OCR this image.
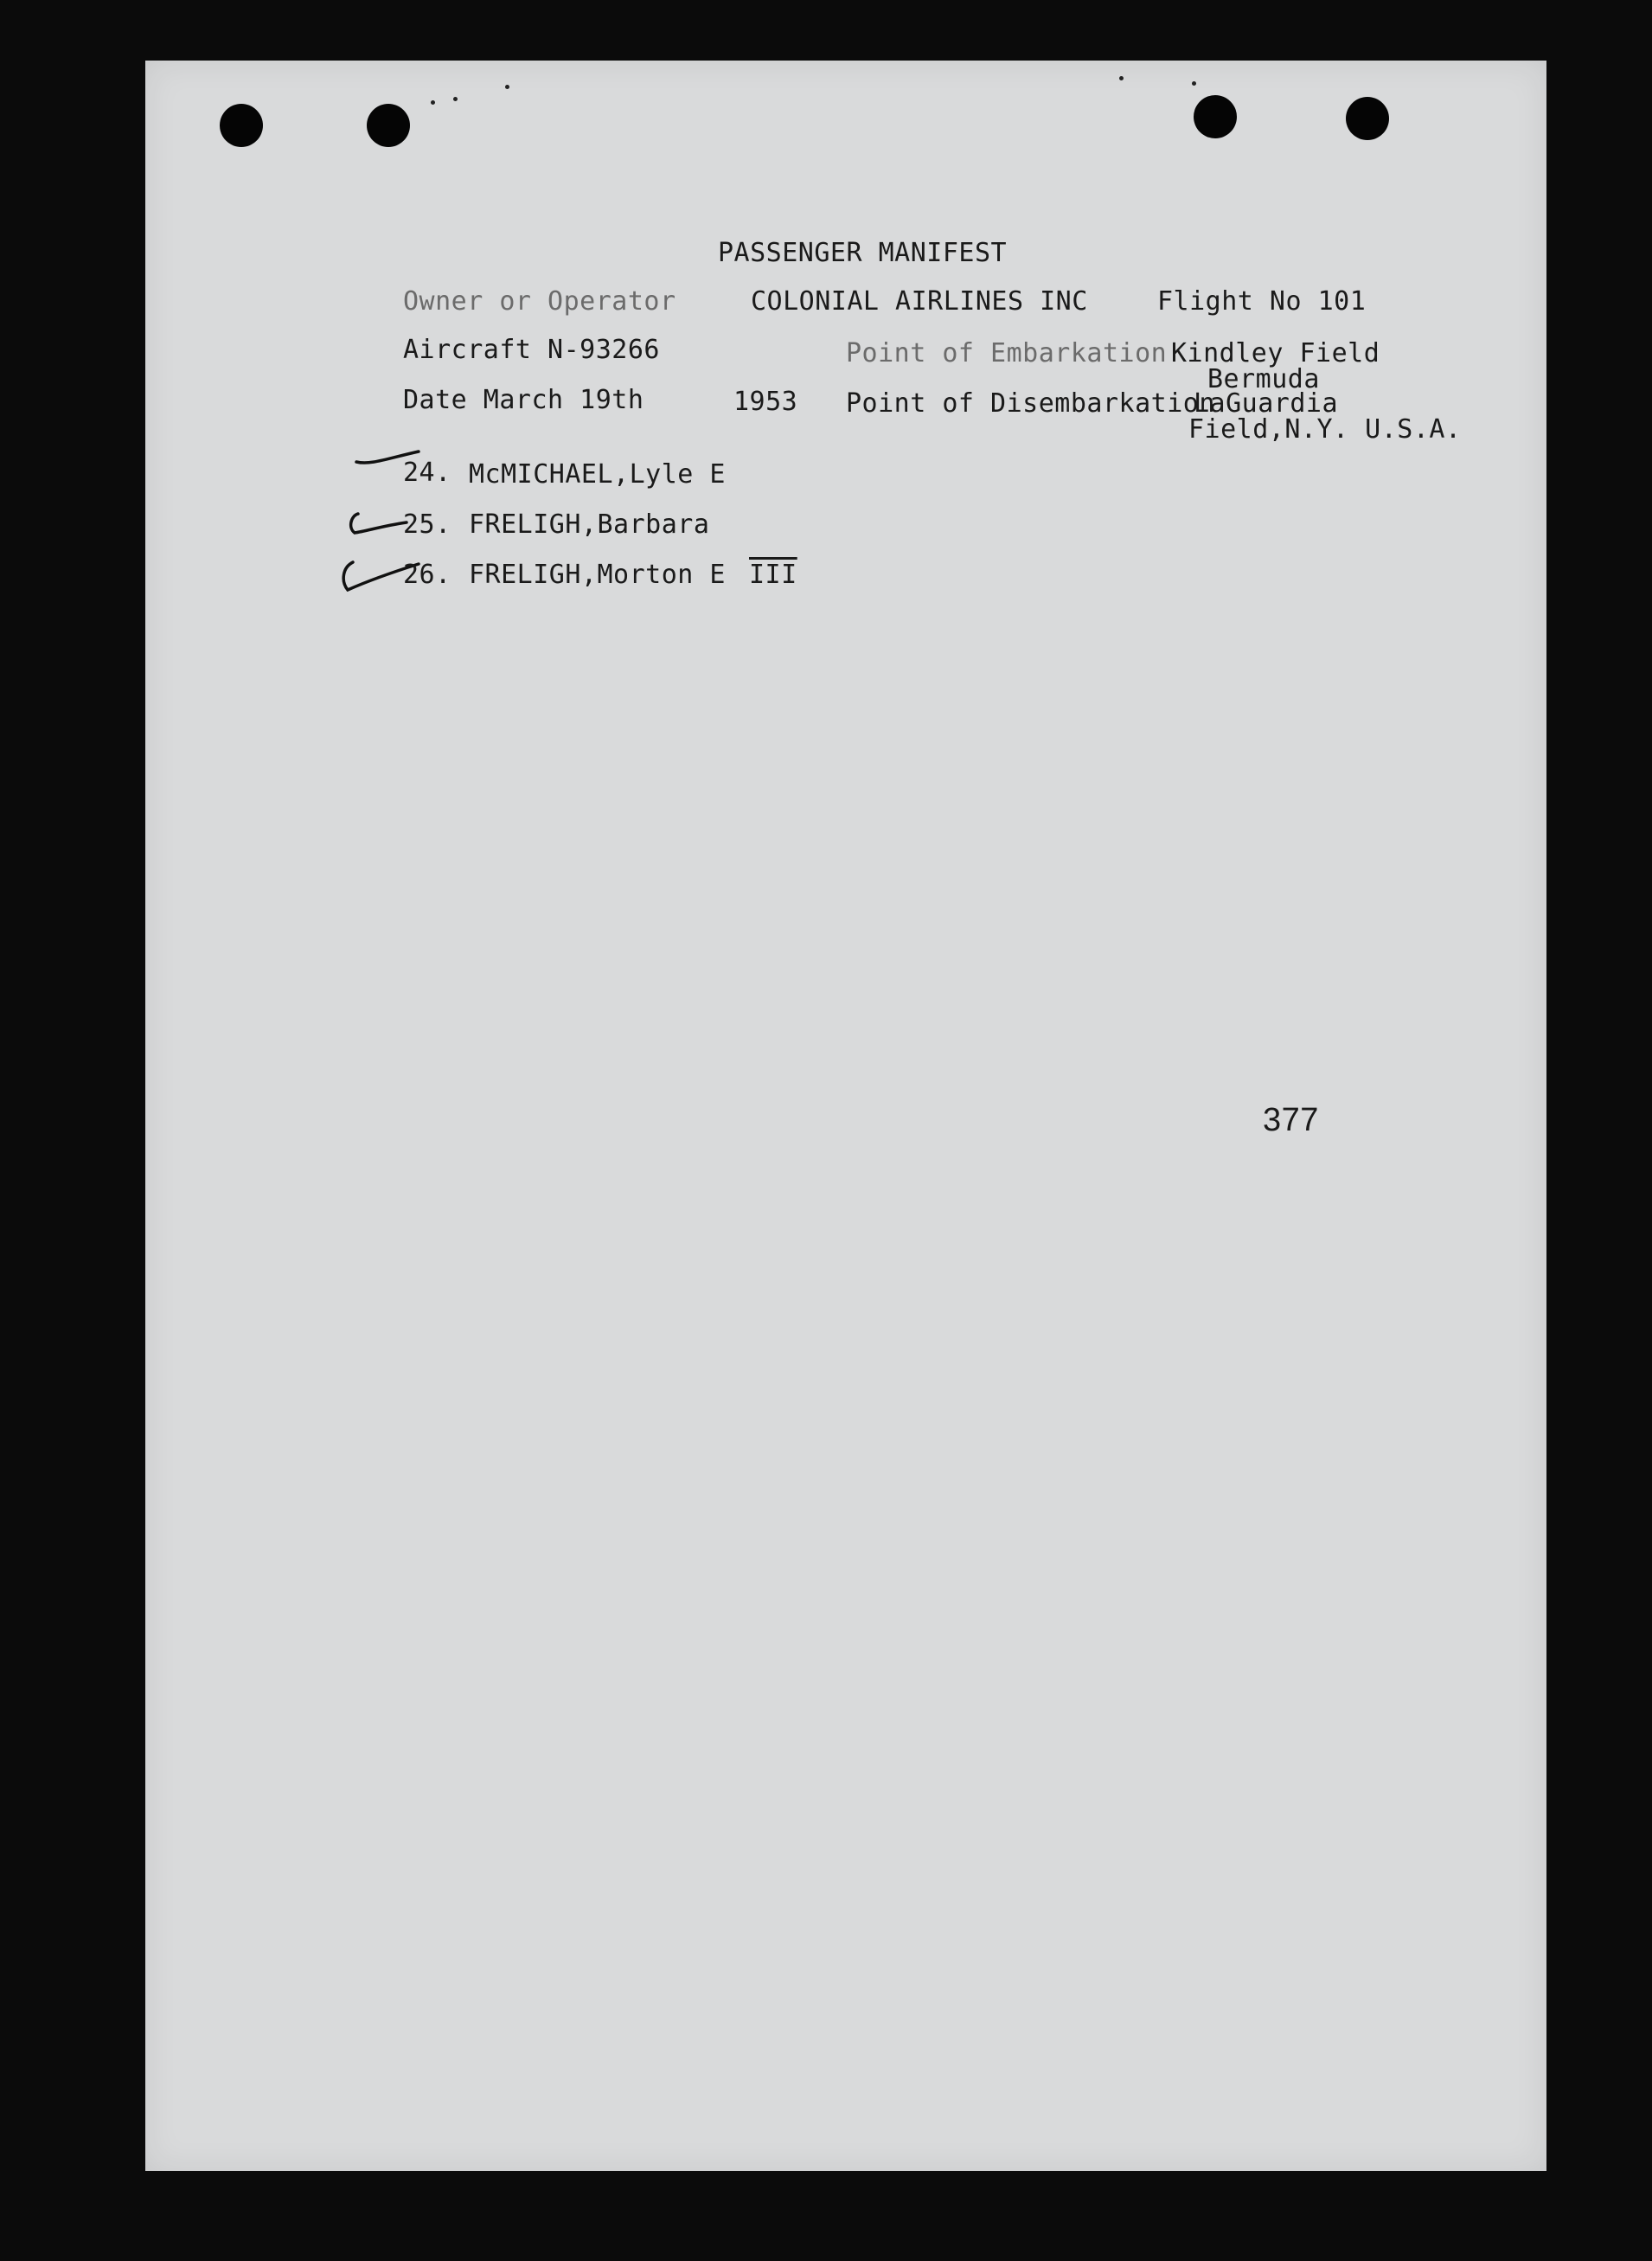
PASSENGER MANIFEST
Owner or Operator	COLONIAL AIRLINES INC	Flight No 101
Aircraft N-93266	Point of Embarkation Kindley Field
Bermuda
Date March 19th	1953 Point of Disembarkation
LaGuardia
Field,N.Y. U.S.A.
24. McMICHAEL,Lyle E
25. FRELIGH,Barbara
26. FRELIGH,Morton E $\overline{III}$
377
